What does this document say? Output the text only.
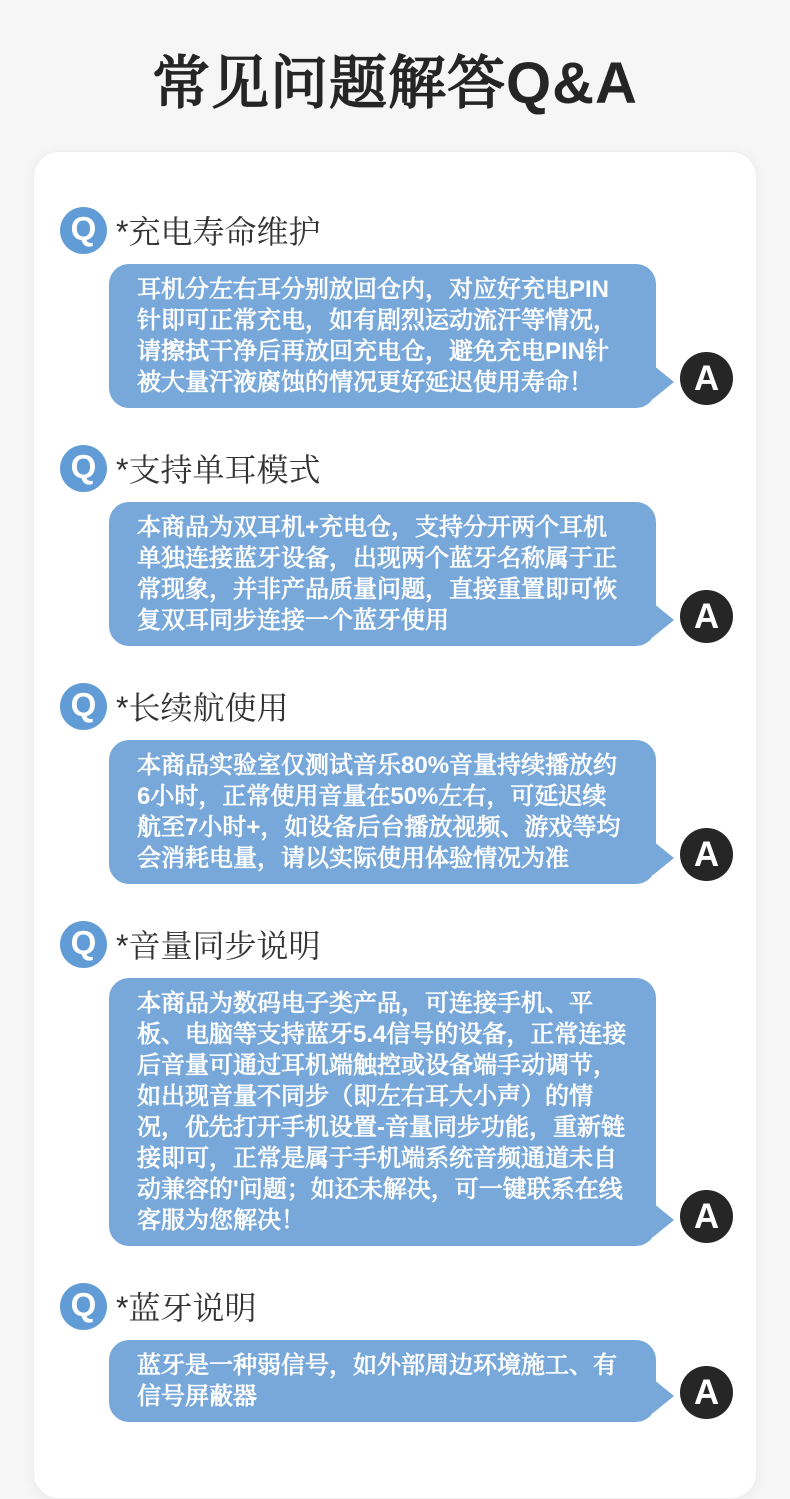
常见问题解答Q&A
Q *充电寿命维护

耳机分左右耳分别放回仓内，对应好充电PIN针即可正常充电，如有剧烈运动流汗等情况，请擦拭干净后再放回充电仓，避免充电PIN针被大量汗液腐蚀的情况更好延迟使用寿命！	A
Q *支持单耳模式

本商品为双耳机+充电仓，支持分开两个耳机单独连接蓝牙设备，出现两个蓝牙名称属于正常现象，并非产品质量问题，直接重置即可恢复双耳同步连接一个蓝牙使用	A
Q *长续航使用

本商品实验室仅测试音乐80%音量持续播放约6小时，正常使用音量在50%左右，可延迟续航至7小时+，如设备后台播放视频、游戏等均会消耗电量，请以实际使用体验情况为准	A
Q *音量同步说明

本商品为数码电子类产品，可连接手机、平板、电脑等支持蓝牙5.4信号的设备，正常连接后音量可通过耳机端触控或设备端手动调节，如出现音量不同步（即左右耳大小声）的情况，优先打开手机设置-音量同步功能，重新链接即可，正常是属于手机端系统音频通道未自动兼容的'问题；如还未解决，可一键联系在线客服为您解决！	A
Q *蓝牙说明

蓝牙是一种弱信号，如外部周边环境施工、有信号屏蔽器	A
